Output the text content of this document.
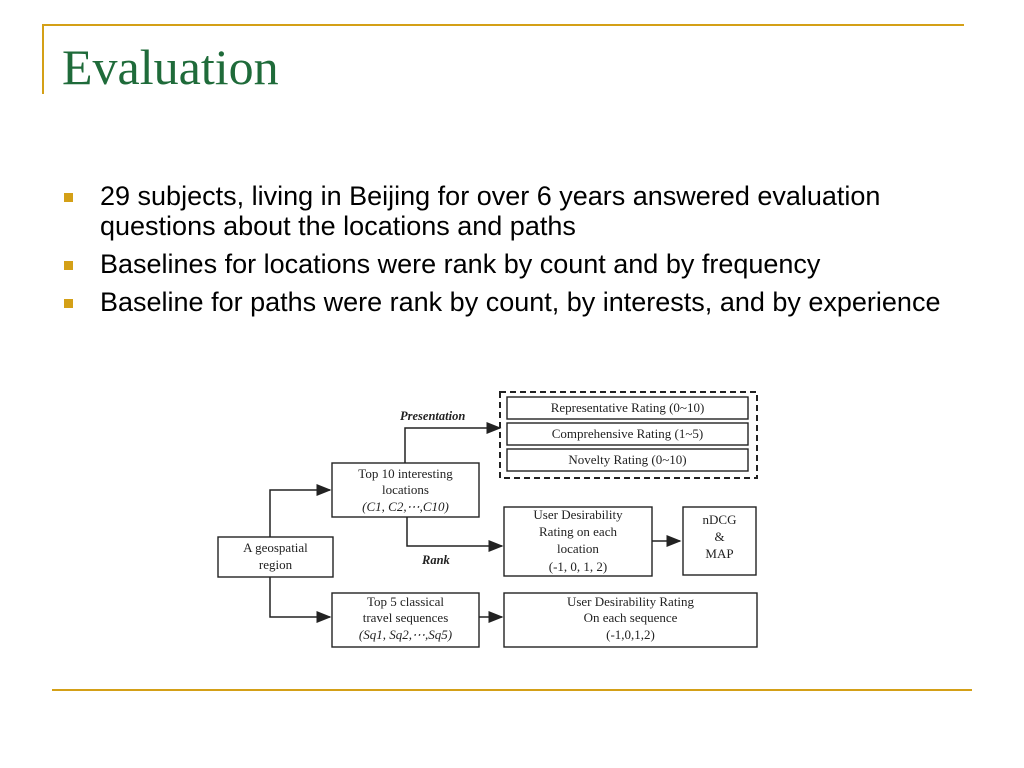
Evaluation
29 subjects, living in Beijing for over 6 years answered evaluation questions about the locations and paths
Baselines for locations were rank by count and by frequency
Baseline for paths were rank by count, by interests, and by experience
Presentation
Rank
A geospatial
region
Top 10 interesting
locations
(C1, C2,⋯,C10)
Top 5 classical
travel sequences
(Sq1, Sq2,⋯,Sq5)
Representative Rating (0~10)
Comprehensive Rating (1~5)
Novelty Rating (0~10)
User Desirability
Rating on each
location
(-1, 0, 1, 2)
nDCG
&
MAP
User Desirability Rating
On each sequence
(-1,0,1,2)
